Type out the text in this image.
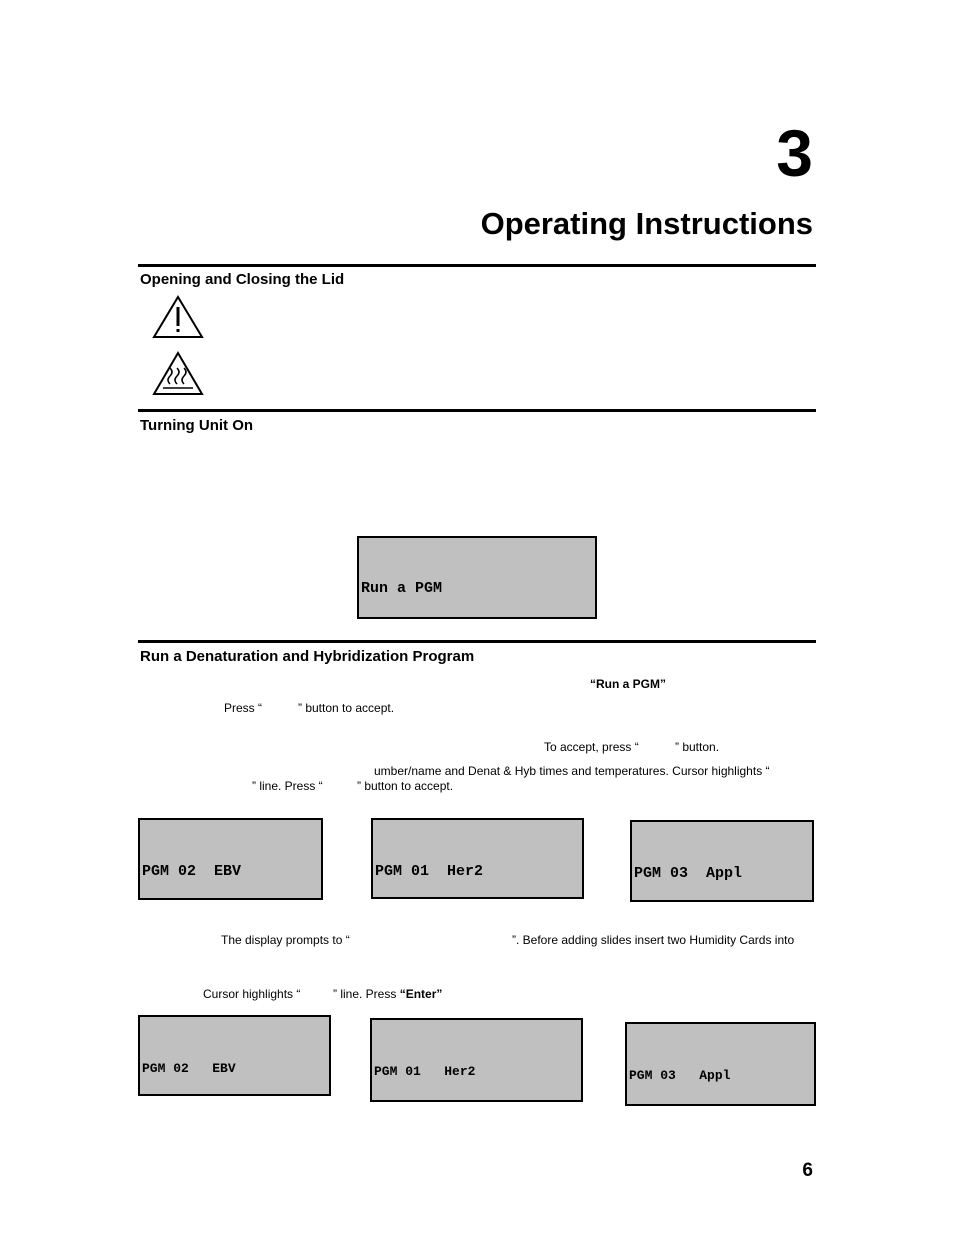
3
Operating Instructions
Opening and Closing the Lid
Turning Unit On

Run a PGM

Run a Denaturation and Hybridization Program
“Run a PGM”
Press “	” button to accept.
To accept, press “	” button.
umber/name and Denat & Hyb times and temperatures. Cursor highlights “
” line. Press “	” button to accept.

PGM 02  EBV

	PGM 01  Her2

	PGM 03  Appl

The display prompts to “	”. Before adding slides insert two Humidity Cards into
Cursor highlights “	” line. Press “Enter”

PGM 02   EBV

	PGM 01   Her2

	PGM 03   Appl

6
